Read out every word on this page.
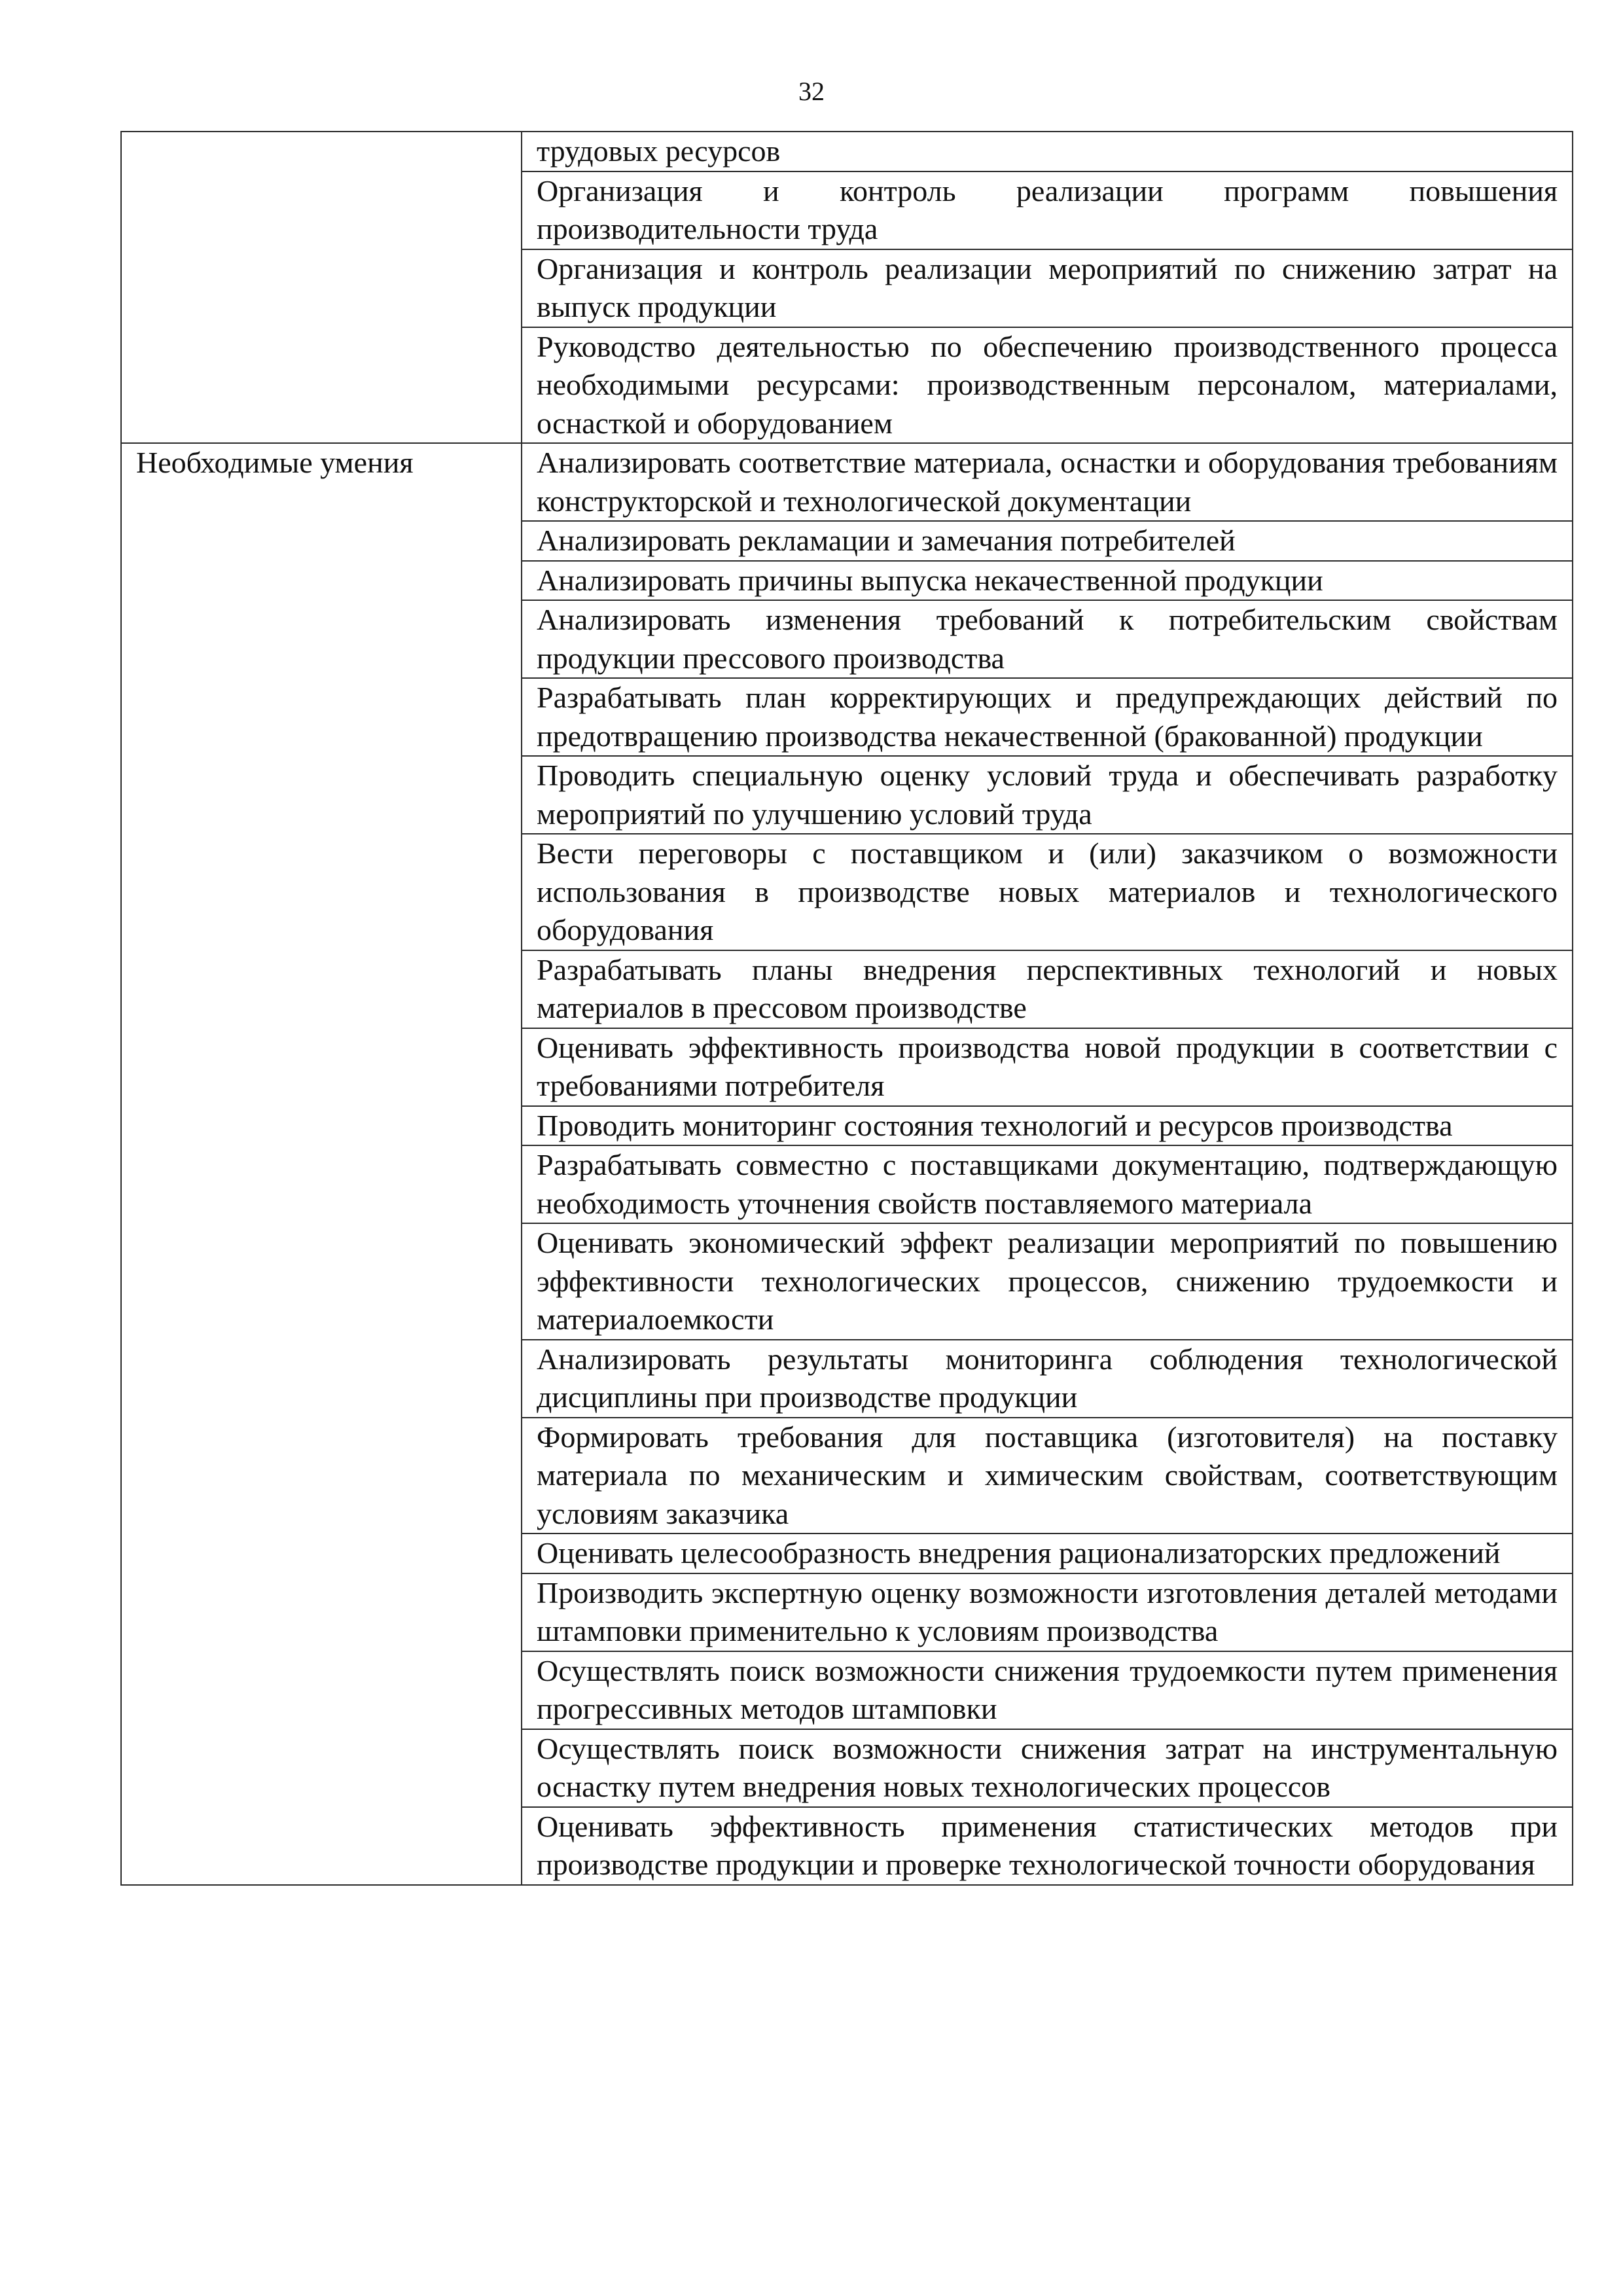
32
	трудовых ресурсов
	Организация и контроль реализации программ повышения производительности труда
	Организация и контроль реализации мероприятий по снижению затрат на выпуск продукции
	Руководство деятельностью по обеспечению производственного процесса необходимыми ресурсами: производственным персоналом, материалами, оснасткой и оборудованием
Необходимые умения	Анализировать соответствие материала, оснастки и оборудования требованиям конструкторской и технологической документации
	Анализировать рекламации и замечания потребителей
	Анализировать причины выпуска некачественной продукции
	Анализировать изменения требований к потребительским свойствам продукции прессового производства
	Разрабатывать план корректирующих и предупреждающих действий по предотвращению производства некачественной (бракованной) продукции
	Проводить специальную оценку условий труда и обеспечивать разработку мероприятий по улучшению условий труда
	Вести переговоры с поставщиком и (или) заказчиком о возможности использования в производстве новых материалов и технологического оборудования
	Разрабатывать планы внедрения перспективных технологий и новых материалов в прессовом производстве
	Оценивать эффективность производства новой продукции в соответствии с требованиями потребителя
	Проводить мониторинг состояния технологий и ресурсов производства
	Разрабатывать совместно с поставщиками документацию, подтверждающую необходимость уточнения свойств поставляемого материала
	Оценивать экономический эффект реализации мероприятий по повышению эффективности технологических процессов, снижению трудоемкости и материалоемкости
	Анализировать результаты мониторинга соблюдения технологической дисциплины при производстве продукции
	Формировать требования для поставщика (изготовителя) на поставку материала по механическим и химическим свойствам, соответствующим условиям заказчика
	Оценивать целесообразность внедрения рационализаторских предложений
	Производить экспертную оценку возможности изготовления деталей методами штамповки применительно к условиям производства
	Осуществлять поиск возможности снижения трудоемкости путем применения прогрессивных методов штамповки
	Осуществлять поиск возможности снижения затрат на инструментальную оснастку путем внедрения новых технологических процессов
	Оценивать эффективность применения статистических методов при производстве продукции и проверке технологической точности оборудования
